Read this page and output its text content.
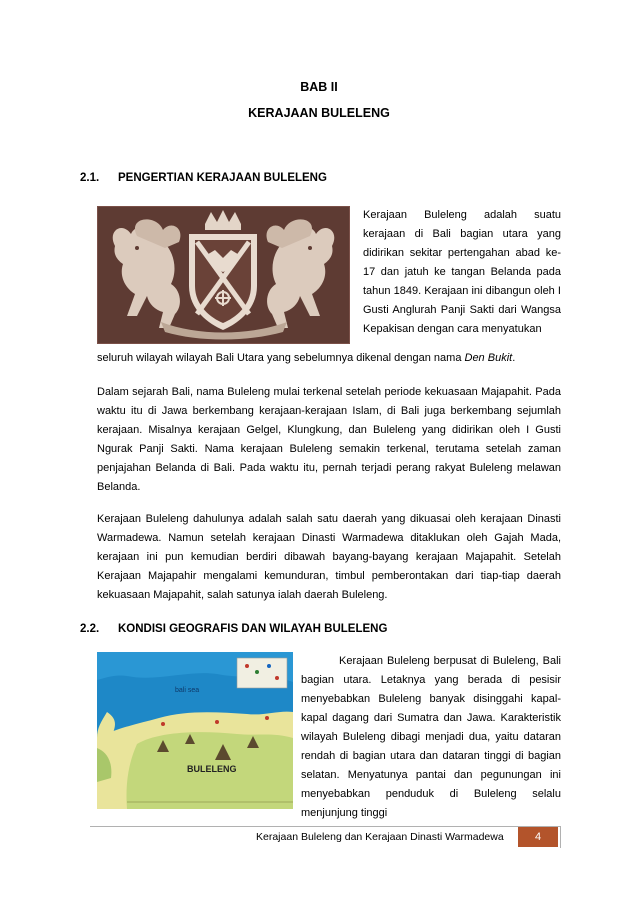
BAB II
KERAJAAN BULELENG
2.1. PENGERTIAN KERAJAAN BULELENG
Kerajaan Buleleng adalah suatu kerajaan di Bali bagian utara yang didirikan sekitar pertengahan abad ke-17 dan jatuh ke tangan Belanda pada tahun 1849. Kerajaan ini dibangun oleh I Gusti Anglurah Panji Sakti dari Wangsa Kepakisan dengan cara menyatukan
seluruh wilayah wilayah Bali Utara yang sebelumnya dikenal dengan nama Den Bukit.
Dalam sejarah Bali, nama Buleleng mulai terkenal setelah periode kekuasaan Majapahit. Pada waktu itu di Jawa berkembang kerajaan-kerajaan Islam, di Bali juga berkembang sejumlah kerajaan. Misalnya kerajaan Gelgel, Klungkung, dan Buleleng yang didirikan oleh I Gusti Ngurak Panji Sakti. Nama kerajaan Buleleng semakin terkenal, terutama setelah zaman penjajahan Belanda di Bali. Pada waktu itu, pernah terjadi perang rakyat Buleleng melawan Belanda.
Kerajaan Buleleng dahulunya adalah salah satu daerah yang dikuasai oleh kerajaan Dinasti Warmadewa. Namun setelah kerajaan Dinasti Warmadewa ditaklukan oleh Gajah Mada, kerajaan ini pun kemudian berdiri dibawah bayang-bayang kerajaan Majapahit. Setelah Kerajaan Majapahir mengalami kemunduran, timbul pemberontakan dari tiap-tiap daerah kekuasaan Majapahit, salah satunya ialah daerah Buleleng.
2.2. KONDISI GEOGRAFIS DAN WILAYAH BULELENG
bali sea
BULELENG
Kerajaan Buleleng berpusat di Buleleng, Bali bagian utara. Letaknya yang berada di pesisir menyebabkan Buleleng banyak disinggahi kapal-kapal dagang dari Sumatra dan Jawa. Karakteristik wilayah Buleleng dibagi menjadi dua, yaitu dataran rendah di bagian utara dan dataran tinggi di bagian selatan. Menyatunya pantai dan pegunungan ini menyebabkan penduduk di Buleleng selalu menjunjung tinggi
Kerajaan Buleleng dan Kerajaan Dinasti Warmadewa	4
